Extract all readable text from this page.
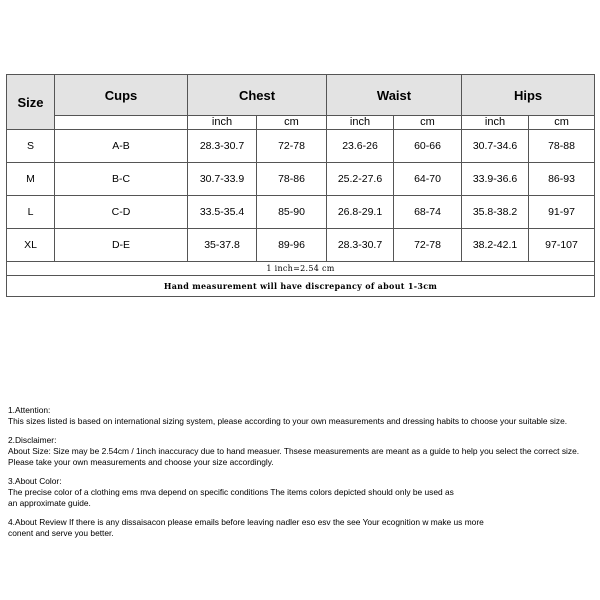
Size	Cups	Chest		Waist		Hips	
		inch	cm	inch	cm	inch	cm
S	A-B	28.3-30.7	72-78	23.6-26	60-66	30.7-34.6	78-88
M	B-C	30.7-33.9	78-86	25.2-27.6	64-70	33.9-36.6	86-93
L	C-D	33.5-35.4	85-90	26.8-29.1	68-74	35.8-38.2	91-97
XL	D-E	35-37.8	89-96	28.3-30.7	72-78	38.2-42.1	97-107
1 inch=2.54 cm							
Hand measurement will have discrepancy of about 1-3cm							

1.Attention:

This sizes listed is based on international sizing system, please according to your own measurements and dressing habits to choose your suitable size.

2.Disclaimer:

About Size: Size may be 2.54cm / 1inch inaccuracy due to hand measuer. Thsese measurements are meant as a guide to help you select the correct size.

Please take your own measurements and choose your size accordingly.

3.About Color:

The precise color of a clothing ems mva depend on specific conditions The items colors depicted should only be used as

an approximate guide.

4.About Review If there is any dissaisacon please emails before leaving nadler eso esv the see Your ecognition w make us more

conent and serve you better.
